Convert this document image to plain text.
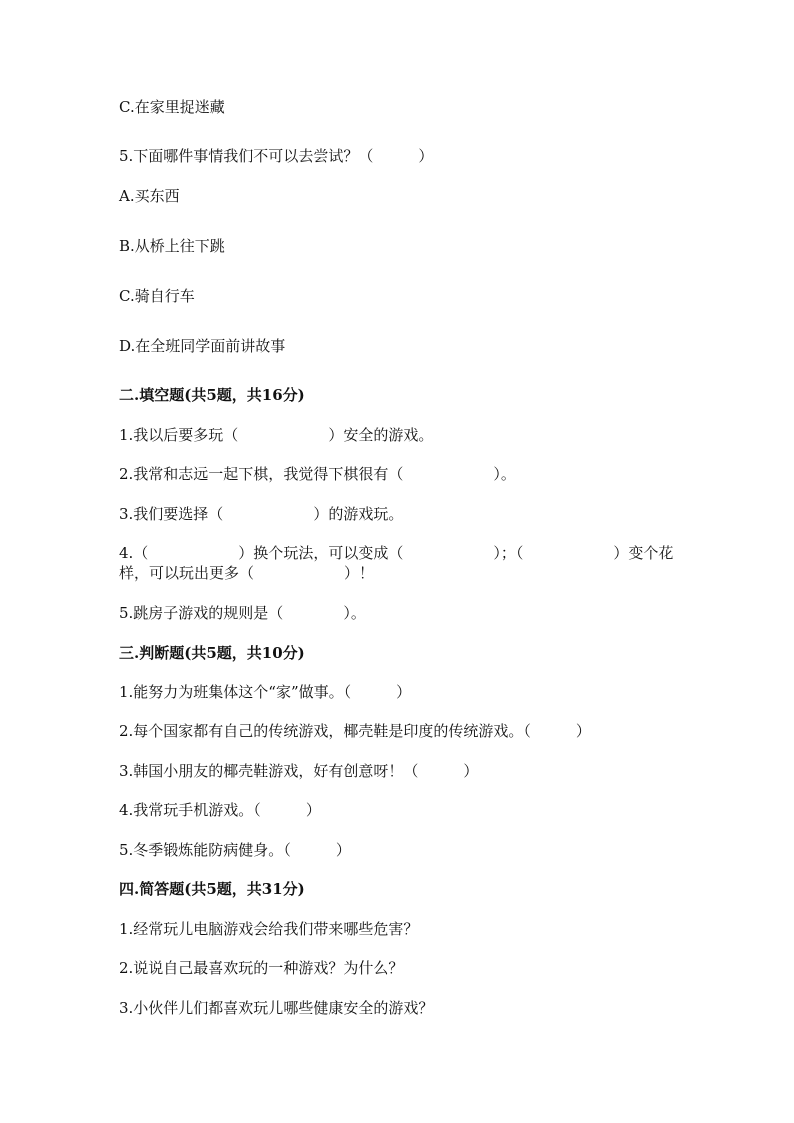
C.在家里捉迷藏
5.下面哪件事情我们不可以去尝试？（　　　）
A.买东西
B.从桥上往下跳
C.骑自行车
D.在全班同学面前讲故事
二.填空题(共5题，共16分)
1.我以后要多玩（　　　　　　）安全的游戏。
2.我常和志远一起下棋，我觉得下棋很有（　　　　　　）。
3.我们要选择（　　　　　　）的游戏玩。
4.（　　　　　　）换个玩法，可以变成（　　　　　　）；（　　　　　　）变个花样，可以玩出更多（　　　　　　）！
5.跳房子游戏的规则是（　　　　）。
三.判断题(共5题，共10分)
1.能努力为班集体这个“家”做事。（　　　）
2.每个国家都有自己的传统游戏，椰壳鞋是印度的传统游戏。（　　　）
3.韩国小朋友的椰壳鞋游戏，好有创意呀！（　　　）
4.我常玩手机游戏。（　　　）
5.冬季锻炼能防病健身。（　　　）
四.简答题(共5题，共31分)
1.经常玩儿电脑游戏会给我们带来哪些危害？
2.说说自己最喜欢玩的一种游戏？为什么？
3.小伙伴儿们都喜欢玩儿哪些健康安全的游戏？
